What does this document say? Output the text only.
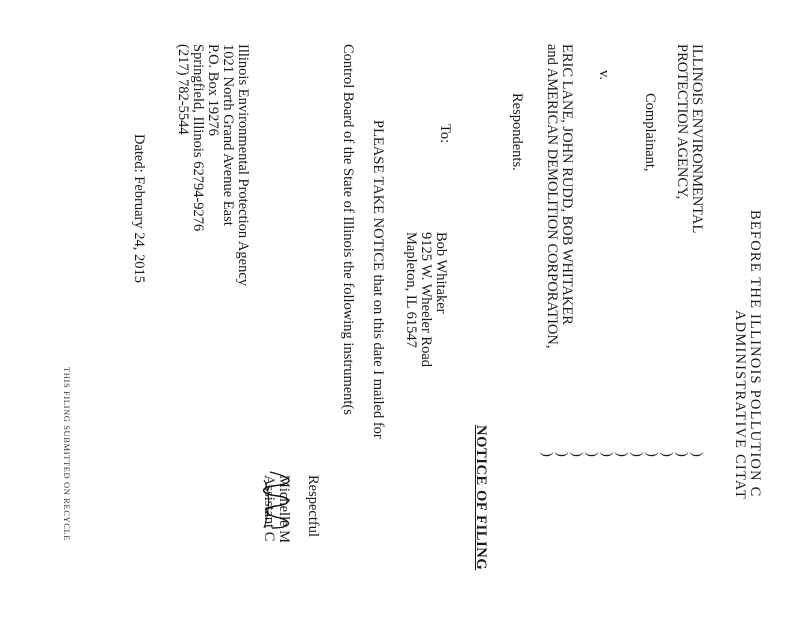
BEFORE THE ILLINOIS POLLUTION C
ADMINISTRATIVE CITAT
ILLINOIS ENVIRONMENTAL
PROTECTION AGENCY,
Complainant,
v.
ERIC LANE, JOHN RUDD, BOB WHITAKER
and AMERICAN DEMOLITION CORPORATION,
Respondents.
)
)
)
)
)
)
)
)
)
)
)
NOTICE OF FILING
To:
Bob Whitaker
9125 W. Wheeler Road
Mapleton, IL 61547
PLEASE TAKE NOTICE that on this date I mailed for
Control Board of the State of Illinois the following instrument(s
Respectful
Michelle M
Assistant C
Illinois Environmental Protection Agency
1021 North Grand Avenue East
P.O. Box 19276
Springfield, Illinois 62794-9276
(217) 782-5544
Dated: February 24, 2015
THIS FILING SUBMITTED ON RECYCLE
